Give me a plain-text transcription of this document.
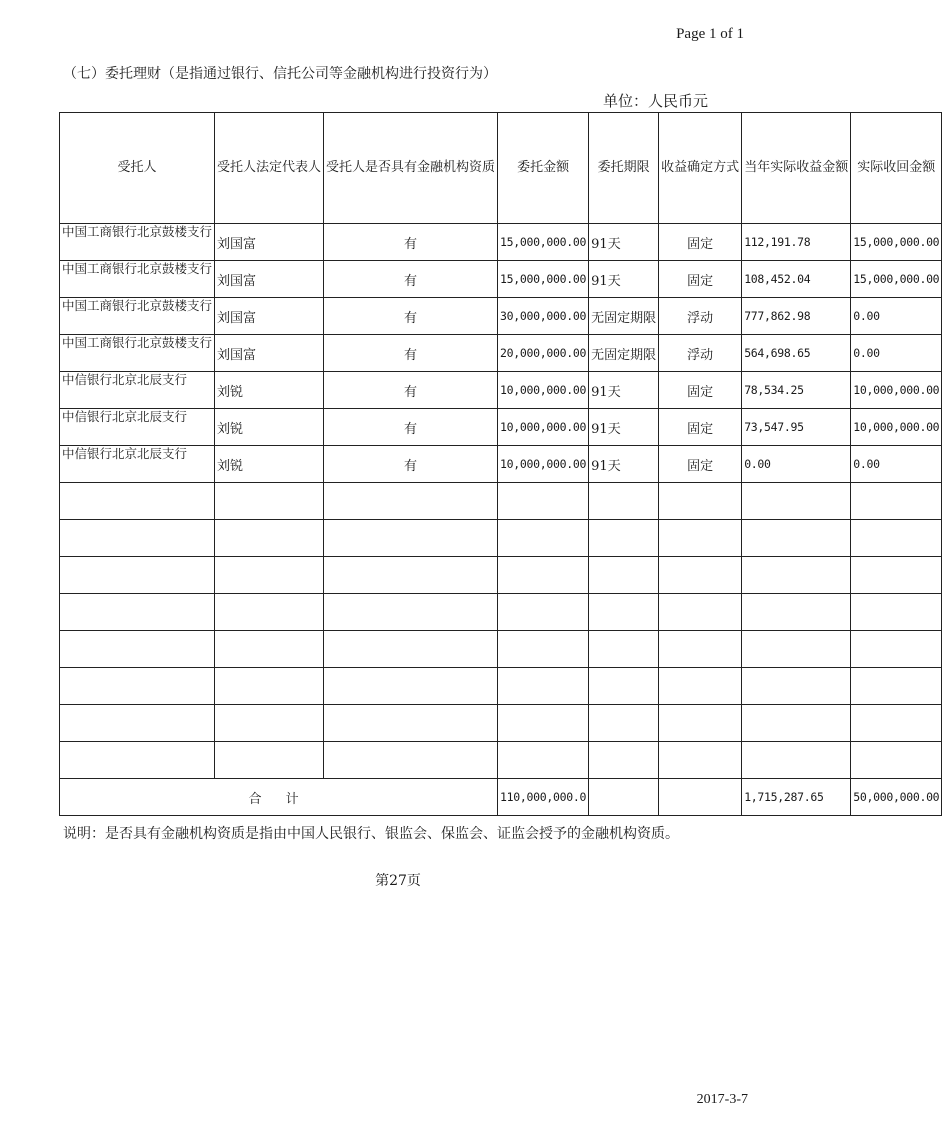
Page 1 of 1
（七）委托理财（是指通过银行、信托公司等金融机构进行投资行为）
单位：人民币元
受托人	受托人法定代表人	受托人是否具有金融机构资质	委托金额	委托期限	收益确定方式	当年实际收益金额	实际收回金额
中国工商银行北京鼓楼支行	刘国富	有	15,000,000.00	91天	固定	112,191.78	15,000,000.00
中国工商银行北京鼓楼支行	刘国富	有	15,000,000.00	91天	固定	108,452.04	15,000,000.00
中国工商银行北京鼓楼支行	刘国富	有	30,000,000.00	无固定期限	浮动	777,862.98	0.00
中国工商银行北京鼓楼支行	刘国富	有	20,000,000.00	无固定期限	浮动	564,698.65	0.00
中信银行北京北辰支行	刘锐	有	10,000,000.00	91天	固定	78,534.25	10,000,000.00
中信银行北京北辰支行	刘锐	有	10,000,000.00	91天	固定	73,547.95	10,000,000.00
中信银行北京北辰支行	刘锐	有	10,000,000.00	91天	固定	0.00	0.00

合 计			110,000,000.0			1,715,287.65	50,000,000.00
说明：是否具有金融机构资质是指由中国人民银行、银监会、保监会、证监会授予的金融机构资质。
第27页
2017-3-7
